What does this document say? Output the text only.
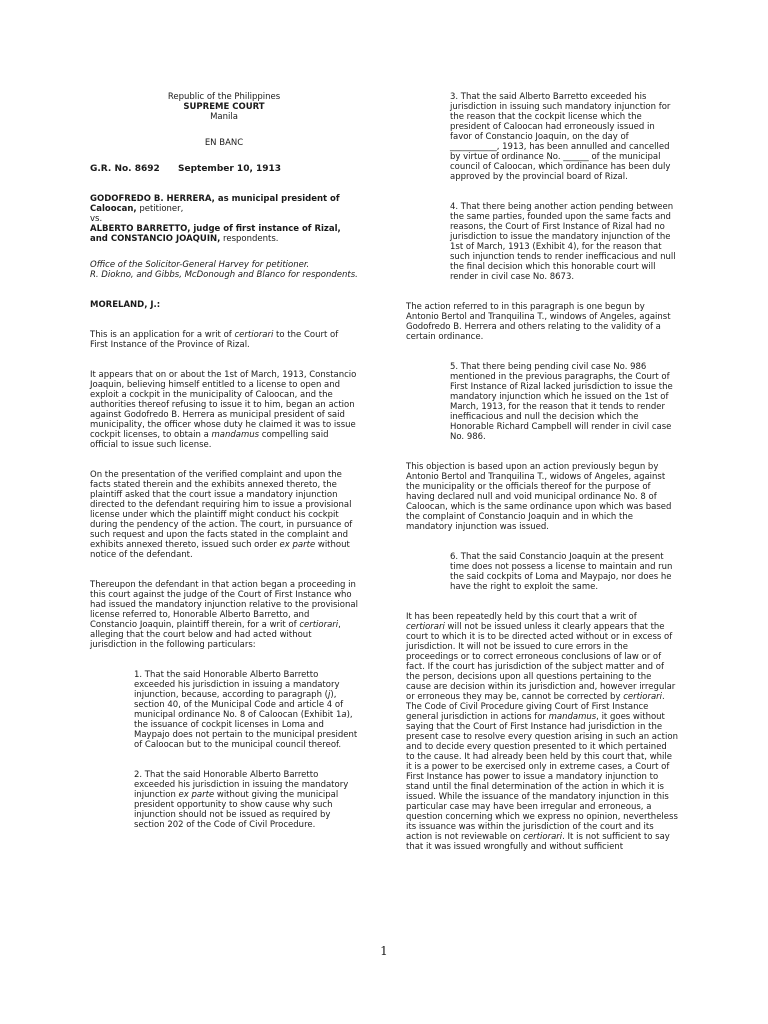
Republic of the Philippines

SUPREME COURT

Manila

EN BANC

G.R. No. 8692 September 10, 1913

GODOFREDO B. HERRERA, as municipal president of Caloocan, petitioner,

vs.

ALBERTO BARRETTO, judge of first instance of Rizal, and CONSTANCIO JOAQUIN, respondents.

Office of the Solicitor-General Harvey for petitioner.

R. Diokno, and Gibbs, McDonough and Blanco for respondents.

MORELAND, J.:

This is an application for a writ of certiorari to the Court of First Instance of the Province of Rizal.

It appears that on or about the 1st of March, 1913, Constancio Joaquin, believing himself entitled to a license to open and exploit a cockpit in the municipality of Caloocan, and the authorities thereof refusing to issue it to him, began an action against Godofredo B. Herrera as municipal president of said municipality, the officer whose duty he claimed it was to issue cockpit licenses, to obtain a mandamus compelling said official to issue such license.

On the presentation of the verified complaint and upon the facts stated therein and the exhibits annexed thereto, the plaintiff asked that the court issue a mandatory injunction directed to the defendant requiring him to issue a provisional license under which the plaintiff might conduct his cockpit during the pendency of the action. The court, in pursuance of such request and upon the facts stated in the complaint and exhibits annexed thereto, issued such order ex parte without notice of the defendant.

Thereupon the defendant in that action began a proceeding in this court against the judge of the Court of First Instance who had issued the mandatory injunction relative to the provisional license referred to, Honorable Alberto Barretto, and Constancio Joaquin, plaintiff therein, for a writ of certiorari, alleging that the court below and had acted without jurisdiction in the following particulars:

1. That the said Honorable Alberto Barretto exceeded his jurisdiction in issuing a mandatory injunction, because, according to paragraph (j), section 40, of the Municipal Code and article 4 of municipal ordinance No. 8 of Caloocan (Exhibit 1a), the issuance of cockpit licenses in Loma and Maypajo does not pertain to the municipal president of Caloocan but to the municipal council thereof.

2. That the said Honorable Alberto Barretto exceeded his jurisdiction in issuing the mandatory injunction ex parte without giving the municipal president opportunity to show cause why such injunction should not be issued as required by section 202 of the Code of Civil Procedure.

3. That the said Alberto Barretto exceeded his jurisdiction in issuing such mandatory injunction for the reason that the cockpit license which the president of Caloocan had erroneously issued in favor of Constancio Joaquin, on the day of ___________, 1913, has been annulled and cancelled by virtue of ordinance No. ______ of the municipal council of Caloocan, which ordinance has been duly approved by the provincial board of Rizal.

4. That there being another action pending between the same parties, founded upon the same facts and reasons, the Court of First Instance of Rizal had no jurisdiction to issue the mandatory injunction of the 1st of March, 1913 (Exhibit 4), for the reason that such injunction tends to render inefficacious and null the final decision which this honorable court will render in civil case No. 8673.

The action referred to in this paragraph is one begun by Antonio Bertol and Tranquilina T., windows of Angeles, against Godofredo B. Herrera and others relating to the validity of a certain ordinance.

5. That there being pending civil case No. 986 mentioned in the previous paragraphs, the Court of First Instance of Rizal lacked jurisdiction to issue the mandatory injunction which he issued on the 1st of March, 1913, for the reason that it tends to render inefficacious and null the decision which the Honorable Richard Campbell will render in civil case No. 986.

This objection is based upon an action previously begun by Antonio Bertol and Tranquilina T., widows of Angeles, against the municipality or the officials thereof for the purpose of having declared null and void municipal ordinance No. 8 of Caloocan, which is the same ordinance upon which was based the complaint of Constancio Joaquin and in which the mandatory injunction was issued.

6. That the said Constancio Joaquin at the present time does not possess a license to maintain and run the said cockpits of Loma and Maypajo, nor does he have the right to exploit the same.

It has been repeatedly held by this court that a writ of certiorari will not be issued unless it clearly appears that the court to which it is to be directed acted without or in excess of jurisdiction. It will not be issued to cure errors in the proceedings or to correct erroneous conclusions of law or of fact. If the court has jurisdiction of the subject matter and of the person, decisions upon all questions pertaining to the cause are decision within its jurisdiction and, however irregular or erroneous they may be, cannot be corrected by certiorari. The Code of Civil Procedure giving Court of First Instance general jurisdiction in actions for mandamus, it goes without saying that the Court of First Instance had jurisdiction in the present case to resolve every question arising in such an action and to decide every question presented to it which pertained to the cause. It had already been held by this court that, while it is a power to be exercised only in extreme cases, a Court of First Instance has power to issue a mandatory injunction to stand until the final determination of the action in which it is issued. While the issuance of the mandatory injunction in this particular case may have been irregular and erroneous, a question concerning which we express no opinion, nevertheless its issuance was within the jurisdiction of the court and its action is not reviewable on certiorari. It is not sufficient to say that it was issued wrongfully and without sufficient

1
